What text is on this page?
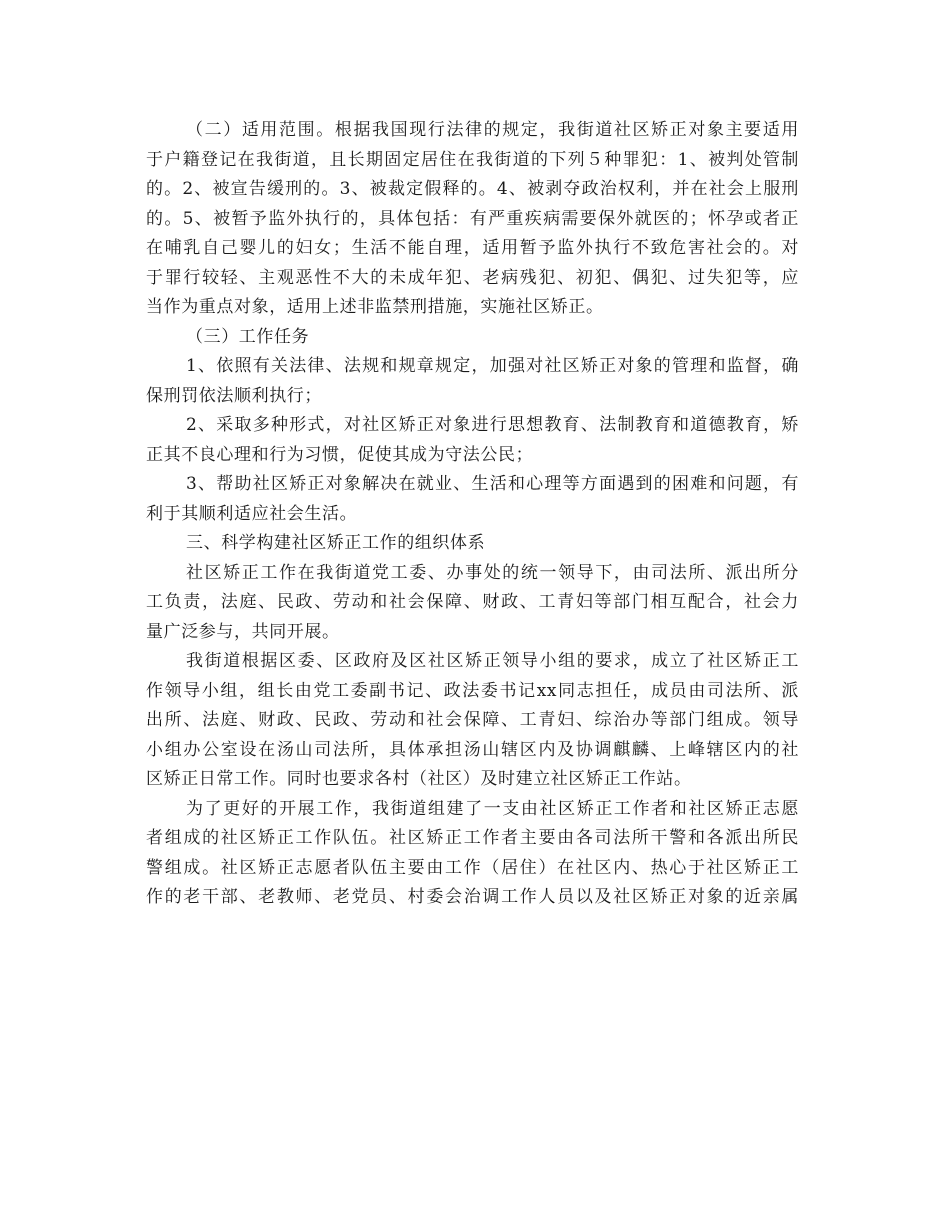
（二）适用范围。根据我国现行法律的规定，我街道社区矫正对象主要适用
于户籍登记在我街道，且长期固定居住在我街道的下列５种罪犯：1、被判处管制
的。2、被宣告缓刑的。3、被裁定假释的。4、被剥夺政治权利，并在社会上服刑
的。5、被暂予监外执行的，具体包括：有严重疾病需要保外就医的；怀孕或者正
在哺乳自己婴儿的妇女；生活不能自理，适用暂予监外执行不致危害社会的。对
于罪行较轻、主观恶性不大的未成年犯、老病残犯、初犯、偶犯、过失犯等，应
当作为重点对象，适用上述非监禁刑措施，实施社区矫正。
（三）工作任务
1、依照有关法律、法规和规章规定，加强对社区矫正对象的管理和监督，确
保刑罚依法顺利执行；
2、采取多种形式，对社区矫正对象进行思想教育、法制教育和道德教育，矫
正其不良心理和行为习惯，促使其成为守法公民；
3、帮助社区矫正对象解决在就业、生活和心理等方面遇到的困难和问题，有
利于其顺利适应社会生活。
三、科学构建社区矫正工作的组织体系
社区矫正工作在我街道党工委、办事处的统一领导下，由司法所、派出所分
工负责，法庭、民政、劳动和社会保障、财政、工青妇等部门相互配合，社会力
量广泛参与，共同开展。
我街道根据区委、区政府及区社区矫正领导小组的要求，成立了社区矫正工
作领导小组，组长由党工委副书记、政法委书记xx同志担任，成员由司法所、派
出所、法庭、财政、民政、劳动和社会保障、工青妇、综治办等部门组成。领导
小组办公室设在汤山司法所，具体承担汤山辖区内及协调麒麟、上峰辖区内的社
区矫正日常工作。同时也要求各村（社区）及时建立社区矫正工作站。
为了更好的开展工作，我街道组建了一支由社区矫正工作者和社区矫正志愿
者组成的社区矫正工作队伍。社区矫正工作者主要由各司法所干警和各派出所民
警组成。社区矫正志愿者队伍主要由工作（居住）在社区内、热心于社区矫正工
作的老干部、老教师、老党员、村委会治调工作人员以及社区矫正对象的近亲属
